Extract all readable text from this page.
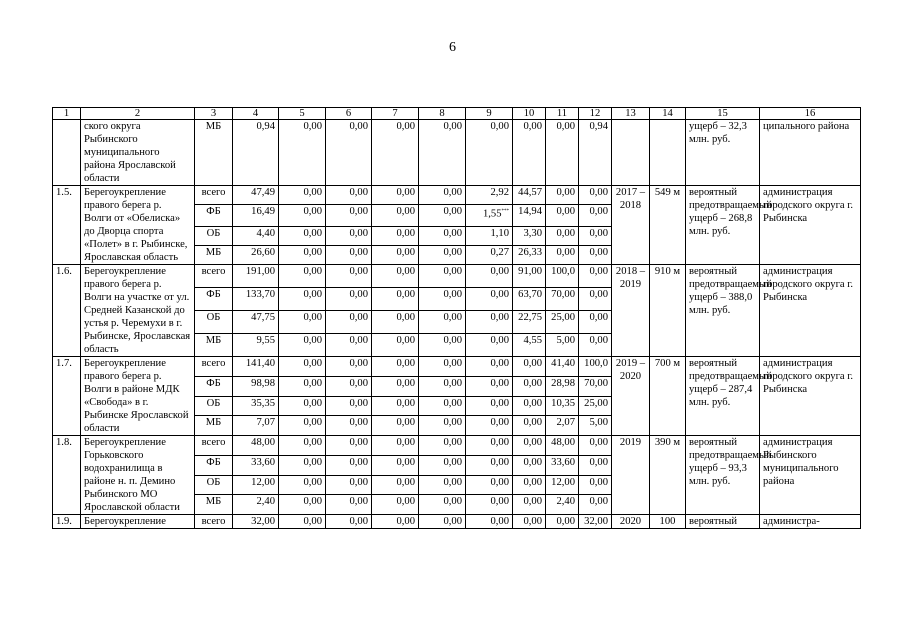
6
1	2	3	4	5	6	7	8	9	10	11	12	13	14	15	16
	ского округа Рыбинского муниципального района Ярославской области	МБ	0,94	0,00	0,00	0,00	0,00	0,00	0,00	0,00	0,94			ущерб – 32,3 млн. руб.	ципального района
1.5.	Берегоукрепление правого берега р. Волги от «Обелиска» до Дворца спорта «Полет» в г. Рыбинске, Ярославская область	всего	47,49	0,00	0,00	0,00	0,00	2,92	44,57	0,00	0,00	2017 – 2018	549 м	вероятный предотвращаемый ущерб – 268,8 млн. руб.	администрация городского округа г. Рыбинска
		ФБ	16,49	0,00	0,00	0,00	0,00	1,55***	14,94	0,00	0,00				
		ОБ	4,40	0,00	0,00	0,00	0,00	1,10	3,30	0,00	0,00				
		МБ	26,60	0,00	0,00	0,00	0,00	0,27	26,33	0,00	0,00				
1.6.	Берегоукрепление правого берега р. Волги на участке от ул. Средней Казанской до устья р. Черемухи в г. Рыбинске, Ярославская область	всего	191,00	0,00	0,00	0,00	0,00	0,00	91,00	100,0	0,00	2018 – 2019	910 м	вероятный предотвращаемый ущерб – 388,0 млн. руб.	администрация городского округа г. Рыбинска
		ФБ	133,70	0,00	0,00	0,00	0,00	0,00	63,70	70,00	0,00				
		ОБ	47,75	0,00	0,00	0,00	0,00	0,00	22,75	25,00	0,00				
		МБ	9,55	0,00	0,00	0,00	0,00	0,00	4,55	5,00	0,00				
1.7.	Берегоукрепление правого берега р. Волги в районе МДК «Свобода» в г. Рыбинске Ярославской области	всего	141,40	0,00	0,00	0,00	0,00	0,00	0,00	41,40	100,0	2019 – 2020	700 м	вероятный предотвращаемый ущерб – 287,4 млн. руб.	администрация городского округа г. Рыбинска
		ФБ	98,98	0,00	0,00	0,00	0,00	0,00	0,00	28,98	70,00				
		ОБ	35,35	0,00	0,00	0,00	0,00	0,00	0,00	10,35	25,00				
		МБ	7,07	0,00	0,00	0,00	0,00	0,00	0,00	2,07	5,00				
1.8.	Берегоукрепление Горьковского водохранилища в районе н. п. Демино Рыбинского МО Ярославской области	всего	48,00	0,00	0,00	0,00	0,00	0,00	0,00	48,00	0,00	2019	390 м	вероятный предотвращаемый ущерб – 93,3 млн. руб.	администрация Рыбинского муниципального района
		ФБ	33,60	0,00	0,00	0,00	0,00	0,00	0,00	33,60	0,00				
		ОБ	12,00	0,00	0,00	0,00	0,00	0,00	0,00	12,00	0,00				
		МБ	2,40	0,00	0,00	0,00	0,00	0,00	0,00	2,40	0,00				
1.9.	Берегоукрепление	всего	32,00	0,00	0,00	0,00	0,00	0,00	0,00	0,00	32,00	2020	100	вероятный	администра-
